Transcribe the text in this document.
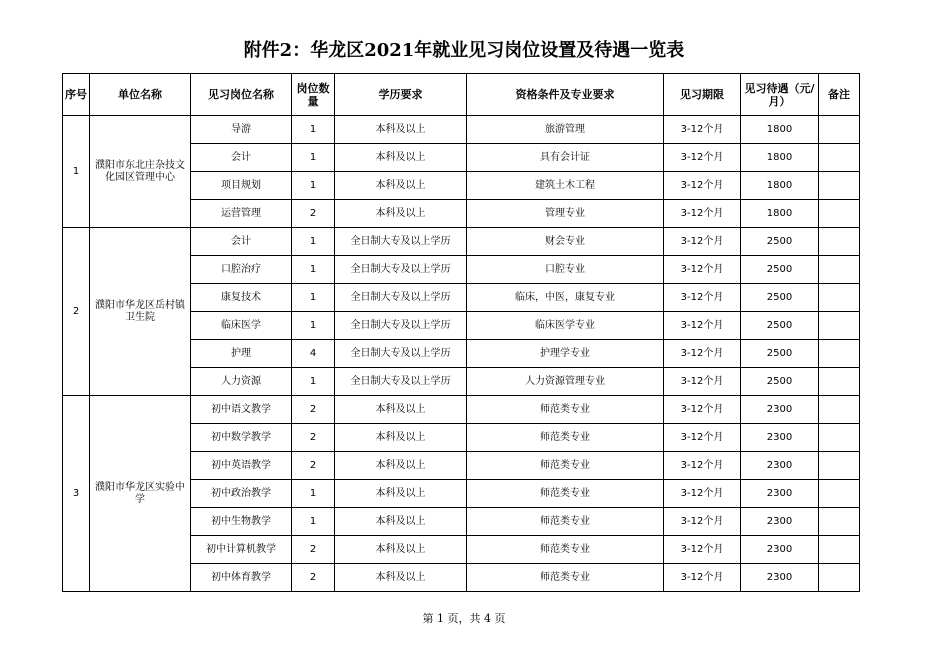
附件2：华龙区2021年就业见习岗位设置及待遇一览表
序号	单位名称	见习岗位名称	岗位数量	学历要求	资格条件及专业要求	见习期限	见习待遇（元/月）	备注
1	濮阳市东北庄杂技文化园区管理中心	导游	1	本科及以上	旅游管理	3-12个月	1800	
		会计	1	本科及以上	具有会计证	3-12个月	1800	
		项目规划	1	本科及以上	建筑土木工程	3-12个月	1800	
		运营管理	2	本科及以上	管理专业	3-12个月	1800	
2	濮阳市华龙区岳村镇卫生院	会计	1	全日制大专及以上学历	财会专业	3-12个月	2500	
		口腔治疗	1	全日制大专及以上学历	口腔专业	3-12个月	2500	
		康复技术	1	全日制大专及以上学历	临床，中医，康复专业	3-12个月	2500	
		临床医学	1	全日制大专及以上学历	临床医学专业	3-12个月	2500	
		护理	4	全日制大专及以上学历	护理学专业	3-12个月	2500	
		人力资源	1	全日制大专及以上学历	人力资源管理专业	3-12个月	2500	
3	濮阳市华龙区实验中学	初中语文教学	2	本科及以上	师范类专业	3-12个月	2300	
		初中数学教学	2	本科及以上	师范类专业	3-12个月	2300	
		初中英语教学	2	本科及以上	师范类专业	3-12个月	2300	
		初中政治教学	1	本科及以上	师范类专业	3-12个月	2300	
		初中生物教学	1	本科及以上	师范类专业	3-12个月	2300	
		初中计算机教学	2	本科及以上	师范类专业	3-12个月	2300	
		初中体育教学	2	本科及以上	师范类专业	3-12个月	2300	
第 1 页，共 4 页
